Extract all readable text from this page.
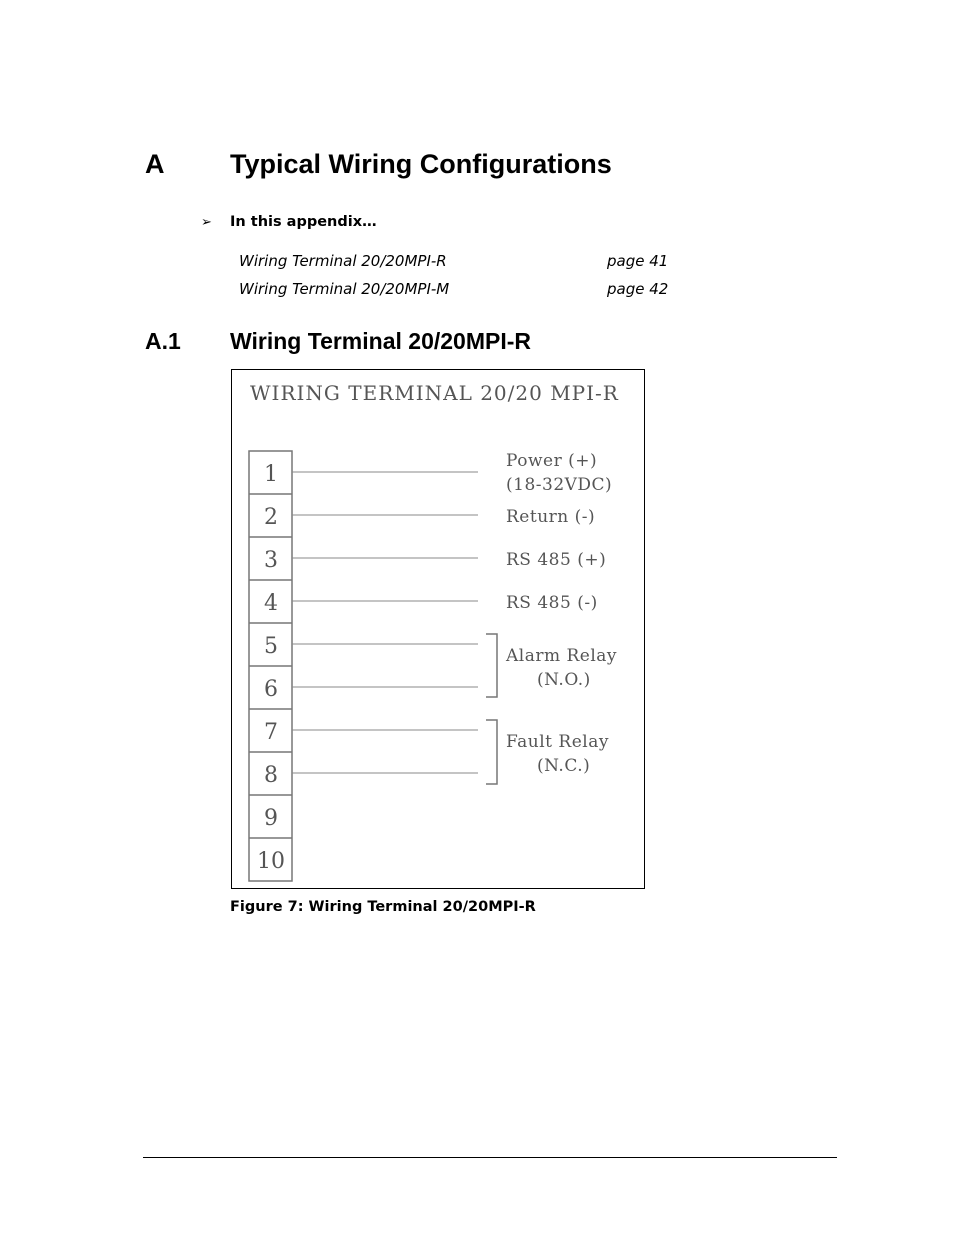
A Typical Wiring Configurations
➢ In this appendix…
Wiring Terminal 20/20MPI-R	page 41
Wiring Terminal 20/20MPI-M	page 42
A.1 Wiring Terminal 20/20MPI-R
WIRING TERMINAL 20/20 MPI-R
1
2
3
4
5
6
7
8
9
10
Power (+)
(18-32VDC)
Return (-)
RS 485 (+)
RS 485 (-)
Alarm Relay
(N.O.)
Fault Relay
(N.C.)
Figure 7: Wiring Terminal 20/20MPI-R
